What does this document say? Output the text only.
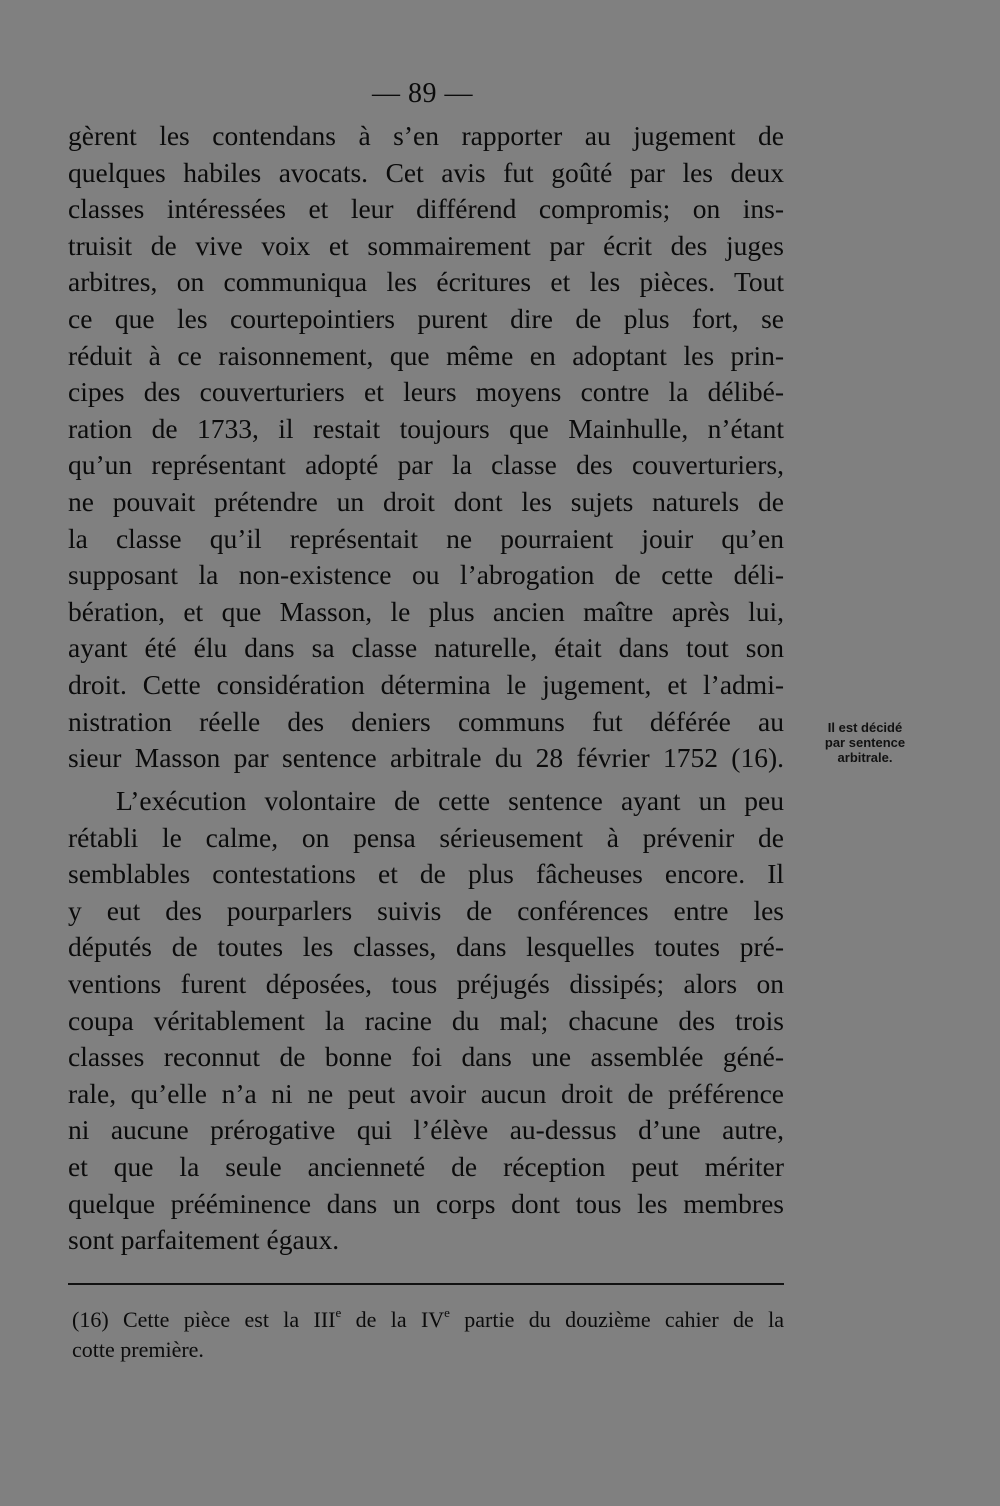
— 89 —
gèrent les contendans à s’en rapporter au jugement de
quelques habiles avocats. Cet avis fut goûté par les deux
classes intéressées et leur différend compromis; on ins-
truisit de vive voix et sommairement par écrit des juges
arbitres, on communiqua les écritures et les pièces. Tout
ce que les courtepointiers purent dire de plus fort, se
réduit à ce raisonnement, que même en adoptant les prin-
cipes des couverturiers et leurs moyens contre la délibé-
ration de 1733, il restait toujours que Mainhulle, n’étant
qu’un représentant adopté par la classe des couverturiers,
ne pouvait prétendre un droit dont les sujets naturels de
la classe qu’il représentait ne pourraient jouir qu’en
supposant la non-existence ou l’abrogation de cette déli-
bération, et que Masson, le plus ancien maître après lui,
ayant été élu dans sa classe naturelle, était dans tout son
droit. Cette considération détermina le jugement, et l’admi-
nistration réelle des deniers communs fut déférée au
sieur Masson par sentence arbitrale du 28 février 1752 (16).
Il est décidé
par sentence
arbitrale.
L’exécution volontaire de cette sentence ayant un peu
rétabli le calme, on pensa sérieusement à prévenir de
semblables contestations et de plus fâcheuses encore. Il
y eut des pourparlers suivis de conférences entre les
députés de toutes les classes, dans lesquelles toutes pré-
ventions furent déposées, tous préjugés dissipés; alors on
coupa véritablement la racine du mal; chacune des trois
classes reconnut de bonne foi dans une assemblée géné-
rale, qu’elle n’a ni ne peut avoir aucun droit de préférence
ni aucune prérogative qui l’élève au-dessus d’une autre,
et que la seule ancienneté de réception peut mériter
quelque prééminence dans un corps dont tous les membres
sont parfaitement égaux.
(16) Cette pièce est la IIIe de la IVe partie du douzième cahier de la
cotte première.
